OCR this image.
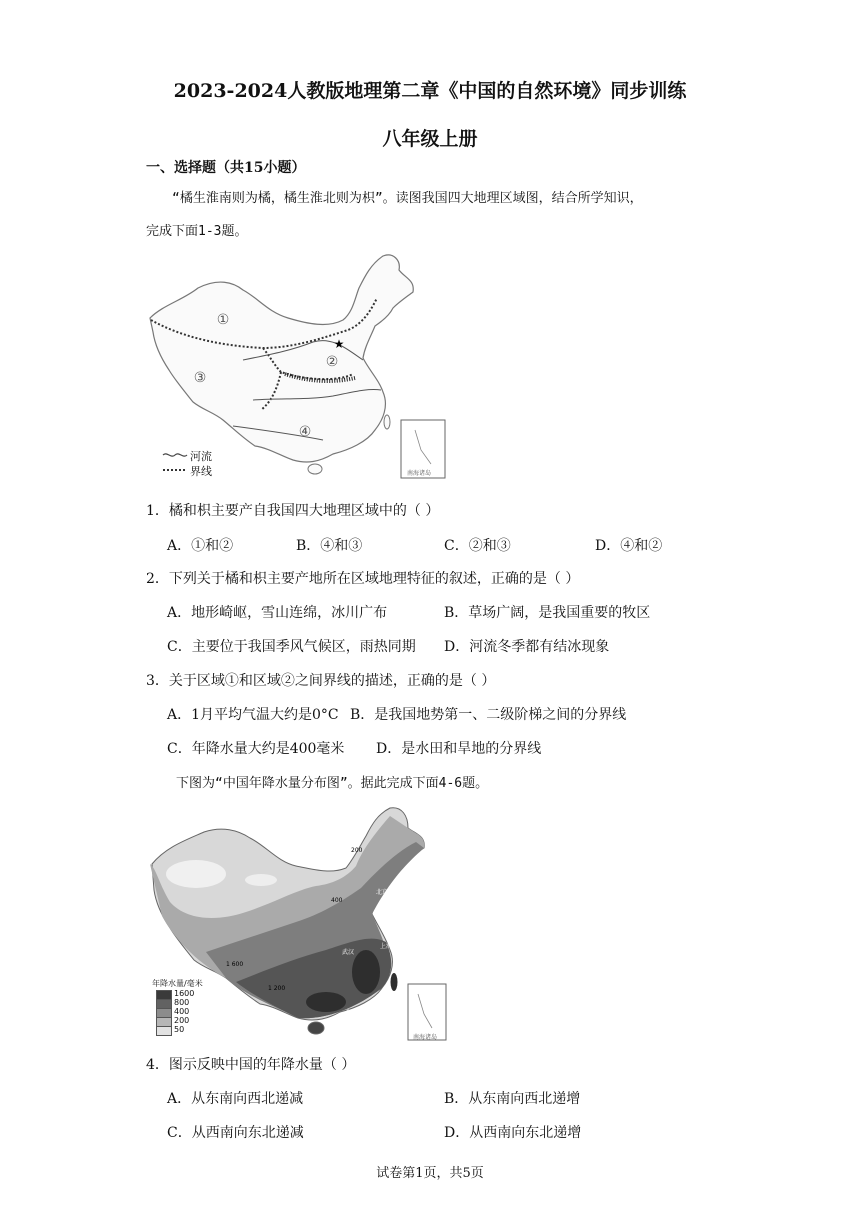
2023-2024人教版地理第二章《中国的自然环境》同步训练
八年级上册
一、选择题（共15小题）
“橘生淮南则为橘，橘生淮北则为枳”。读图我国四大地理区域图，结合所学知识，
完成下面1-3题。
★
①
②
③
④
河流
界线	南海诸岛
1．橘和枳主要产自我国四大地理区域中的（ ）
A．①和②	B．④和③	C．②和③	D．④和②
2．下列关于橘和枳主要产地所在区域地理特征的叙述，正确的是（ ）
A．地形崎岖，雪山连绵，冰川广布	B．草场广阔，是我国重要的牧区
C．主要位于我国季风气候区，雨热同期 D．河流冬季都有结冰现象
3．关于区域①和区域②之间界线的描述，正确的是（ ）
A．1月平均气温大约是0°C B．是我国地势第一、二级阶梯之间的分界线
C．年降水量大约是400毫米 D．是水田和旱地的分界线
下图为“中国年降水量分布图”。据此完成下面4-6题。
200
400
1 600
1 200
600
北京
上海
武汉
年降水量/毫米
1600
800
400
200
50
南海诸岛
4．图示反映中国的年降水量（ ）
A．从东南向西北递减	B．从东南向西北递增
C．从西南向东北递减	D．从西南向东北递增
试卷第1页，共5页
